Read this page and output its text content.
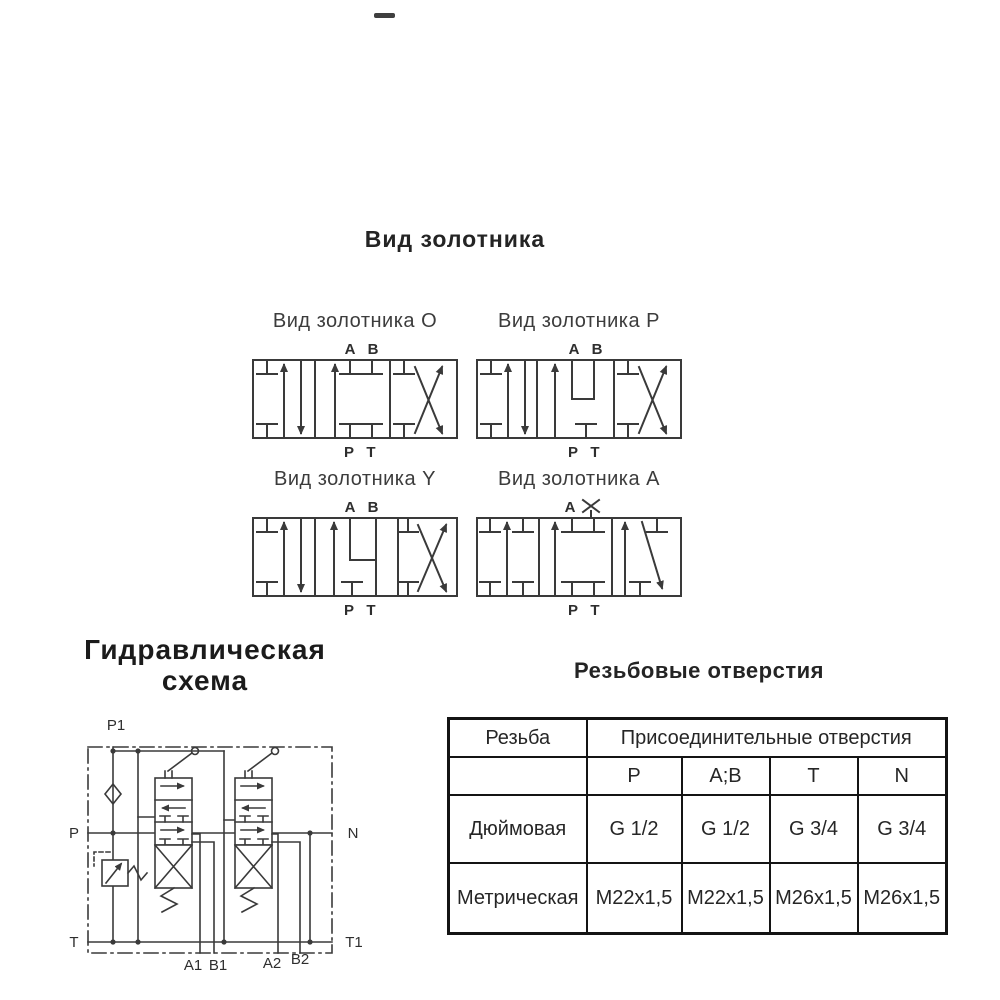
Вид золотника
Вид золотника О	Вид золотника Р
Вид золотника Y	Вид золотника А
A B
P T
A B
P T
A B
P T
A
P T
Гидравлическая
схема
P1
P	N
T	T1
A1 B1 A2 B2
Резьбовые отверстия
Резьба	Присоединительные отверстия			
	P	A;B	T	N
Дюймовая	G 1/2	G 1/2	G 3/4	G 3/4
Метрическая	M22x1,5	M22x1,5	M26x1,5	M26x1,5
